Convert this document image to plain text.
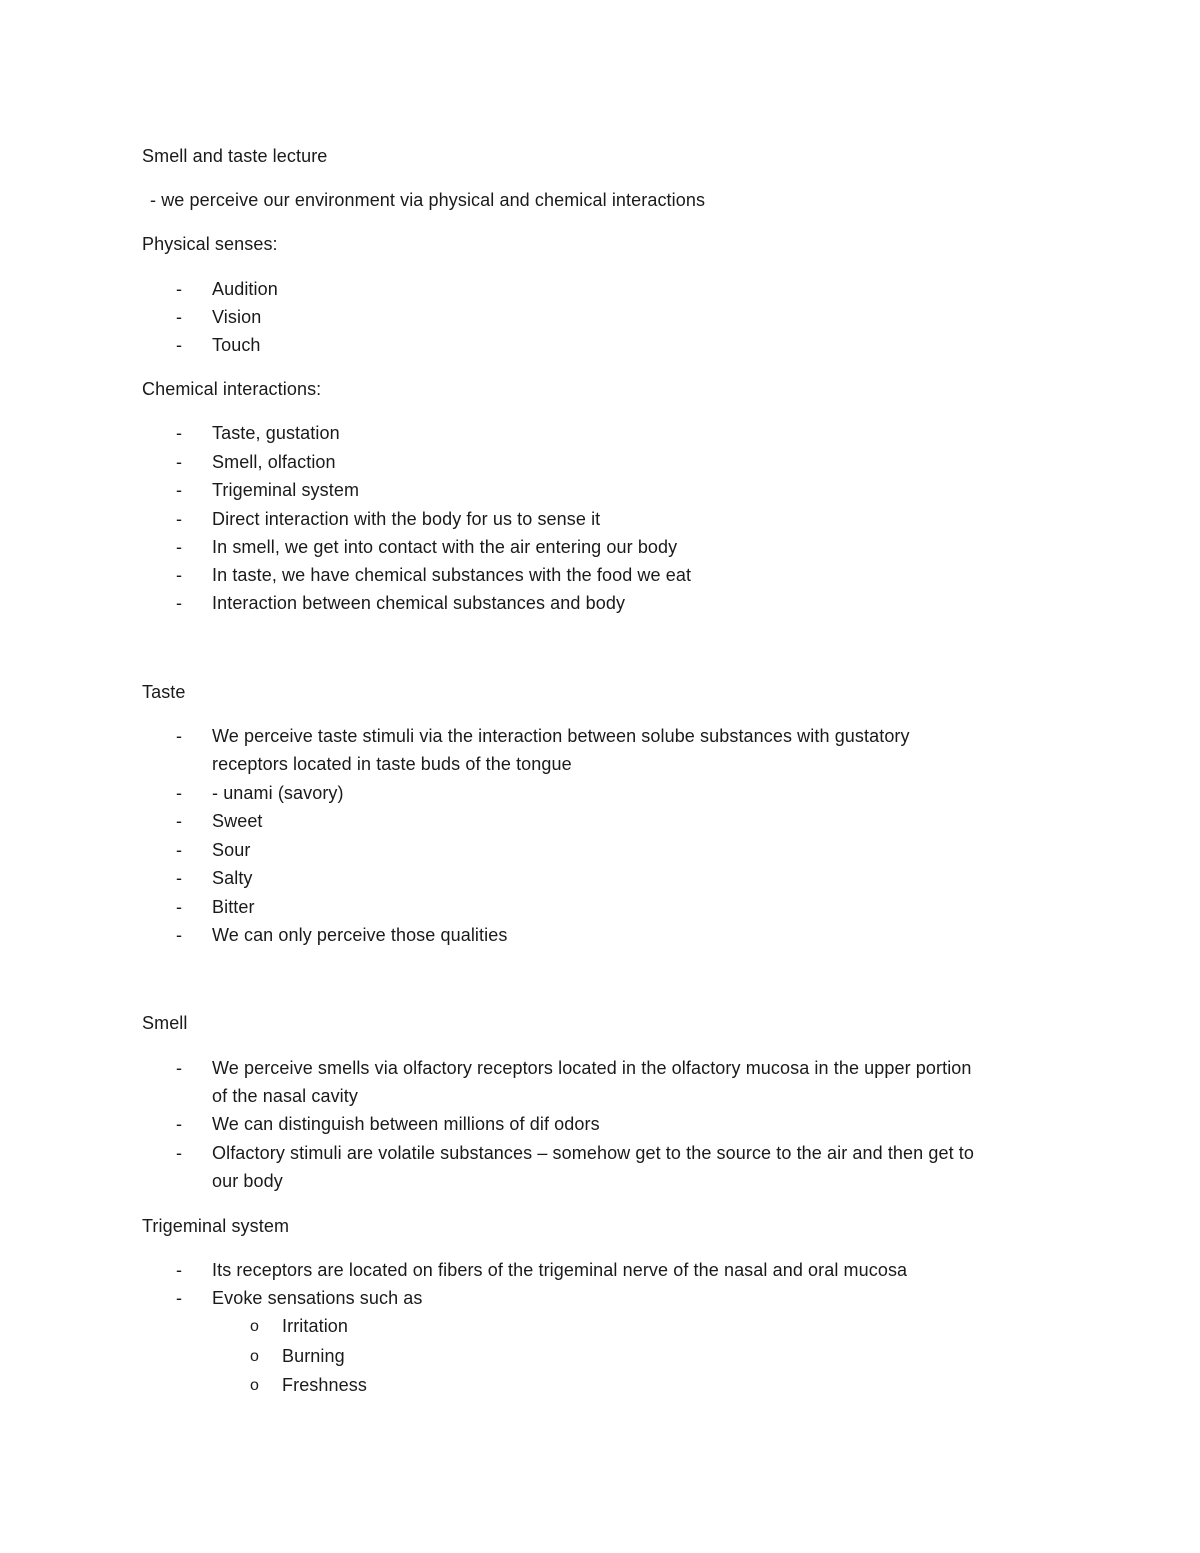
Smell and taste lecture
- we perceive our environment via physical and chemical interactions
Physical senses:
- Audition
- Vision
- Touch
Chemical interactions:
- Taste, gustation
- Smell, olfaction
- Trigeminal system
- Direct interaction with the body for us to sense it
- In smell, we get into contact with the air entering our body
- In taste, we have chemical substances with the food we eat
- Interaction between chemical substances and body
Taste
- We perceive taste stimuli via the interaction between solube substances with gustatory
receptors located in taste buds of the tongue
- - unami (savory)
- Sweet
- Sour
- Salty
- Bitter
- We can only perceive those qualities
Smell
- We perceive smells via olfactory receptors located in the olfactory mucosa in the upper portion
of the nasal cavity
- We can distinguish between millions of dif odors
- Olfactory stimuli are volatile substances – somehow get to the source to the air and then get to
our body
Trigeminal system
- Its receptors are located on fibers of the trigeminal nerve of the nasal and oral mucosa
- Evoke sensations such as
o Irritation
o Burning
o Freshness
